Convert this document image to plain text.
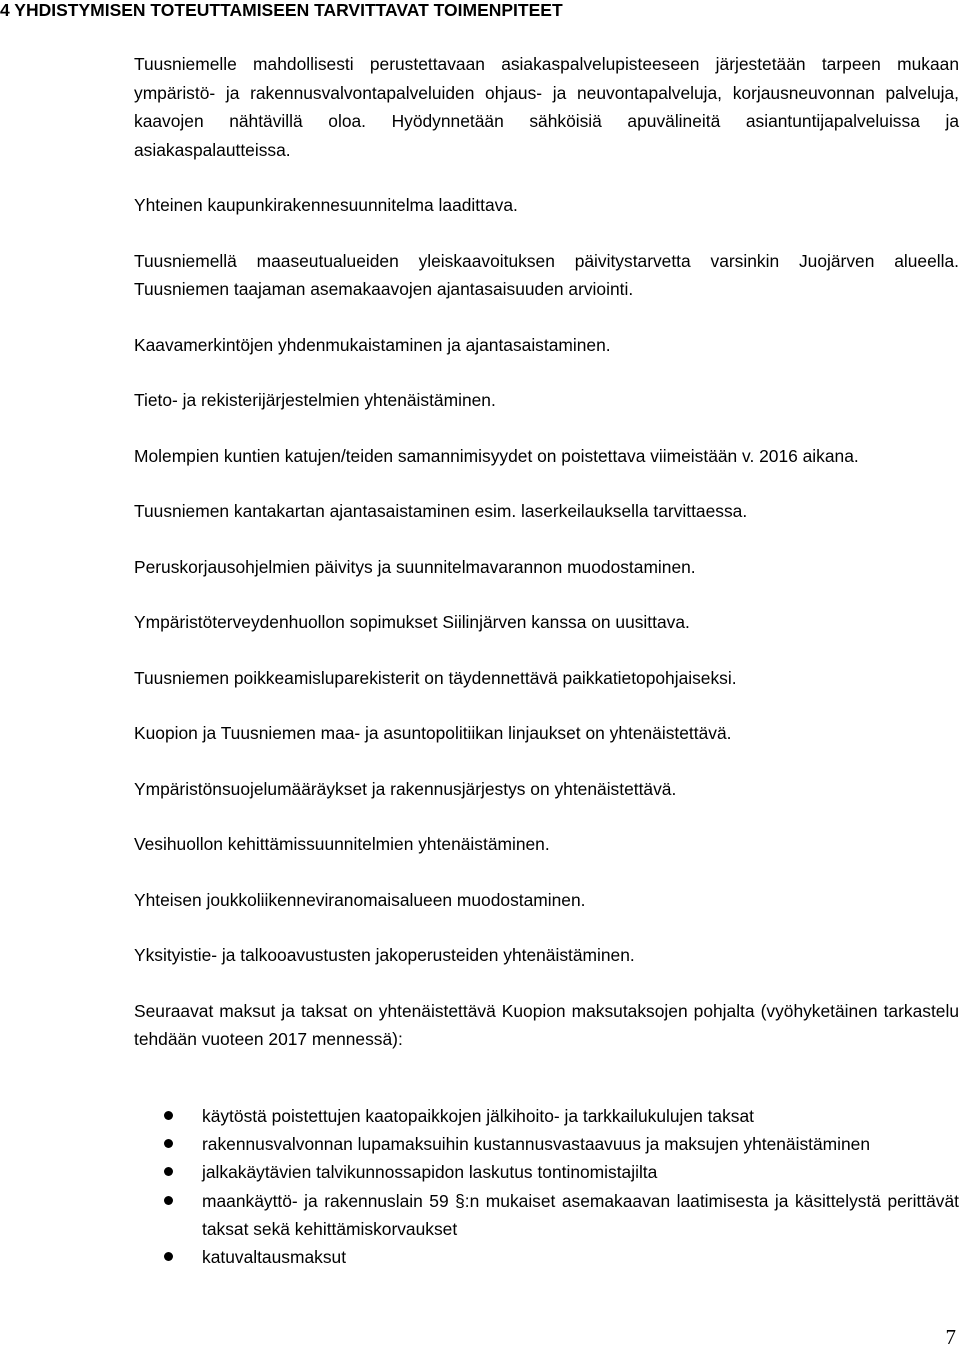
4 YHDISTYMISEN TOTEUTTAMISEEN TARVITTAVAT TOIMENPITEET

Tuusniemelle mahdollisesti perustettavaan asiakaspalvelupisteeseen järjestetään tarpeen mukaan ympäristö- ja rakennusvalvontapalveluiden ohjaus- ja neuvontapalveluja, korjausneuvonnan palveluja, kaavojen nähtävillä oloa. Hyödynnetään sähköisiä apuvälineitä asiantuntijapalveluissa ja asiakaspalautteissa.

Yhteinen kaupunkirakennesuunnitelma laadittava.

Tuusniemellä maaseutualueiden yleiskaavoituksen päivitystarvetta varsinkin Juojärven alueella. Tuusniemen taajaman asemakaavojen ajantasaisuuden arviointi.

Kaavamerkintöjen yhdenmukaistaminen ja ajantasaistaminen.

Tieto- ja rekisterijärjestelmien yhtenäistäminen.

Molempien kuntien katujen/teiden samannimisyydet on poistettava viimeistään v. 2016 aikana.

Tuusniemen kantakartan ajantasaistaminen esim. laserkeilauksella tarvittaessa.

Peruskorjausohjelmien päivitys ja suunnitelmavarannon muodostaminen.

Ympäristöterveydenhuollon sopimukset Siilinjärven kanssa on uusittava.

Tuusniemen poikkeamisluparekisterit on täydennettävä paikkatietopohjaiseksi.

Kuopion ja Tuusniemen maa- ja asuntopolitiikan linjaukset on yhtenäistettävä.

Ympäristönsuojelumääräykset ja rakennusjärjestys on yhtenäistettävä.

Vesihuollon kehittämissuunnitelmien yhtenäistäminen.

Yhteisen joukkoliikenneviranomaisalueen muodostaminen.

Yksityistie- ja talkooavustusten jakoperusteiden yhtenäistäminen.

Seuraavat maksut ja taksat on yhtenäistettävä Kuopion maksutaksojen pohjalta (vyöhyketäinen tarkastelu tehdään vuoteen 2017 mennessä):

käytöstä poistettujen kaatopaikkojen jälkihoito- ja tarkkailukulujen taksat
rakennusvalvonnan lupamaksuihin kustannusvastaavuus ja maksujen yhtenäistäminen
jalkakäytävien talvikunnossapidon laskutus tontinomistajilta
maankäyttö- ja rakennuslain 59 §:n mukaiset asemakaavan laatimisesta ja käsittelystä perittävät taksat sekä kehittämiskorvaukset
katuvaltausmaksut
7
